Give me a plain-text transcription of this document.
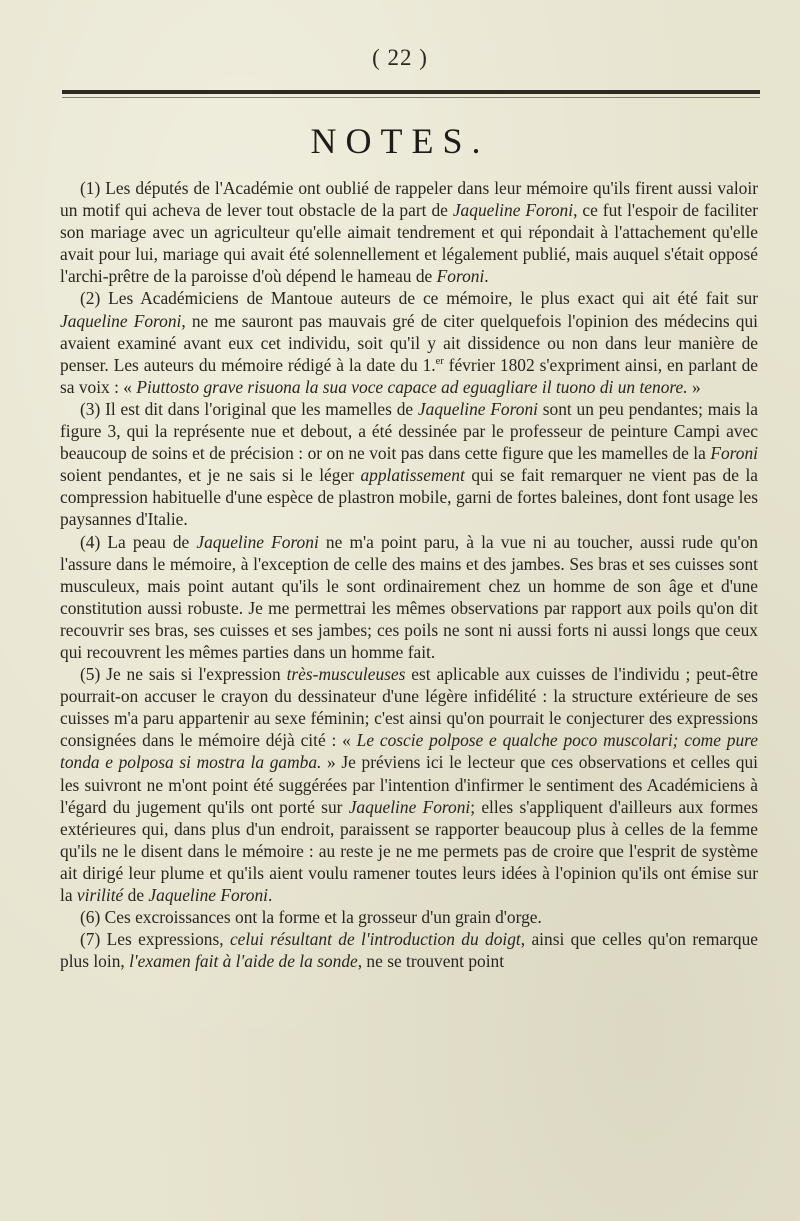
( 22 )
NOTES.

(1) Les députés de l'Académie ont oublié de rappeler dans leur mémoire qu'ils firent aussi valoir un motif qui acheva de lever tout obstacle de la part de Jaqueline Foroni, ce fut l'espoir de faciliter son mariage avec un agriculteur qu'elle aimait tendrement et qui répondait à l'attachement qu'elle avait pour lui, mariage qui avait été solennellement et légalement publié, mais auquel s'était opposé l'archi-prêtre de la paroisse d'où dépend le hameau de Foroni.

(2) Les Académiciens de Mantoue auteurs de ce mémoire, le plus exact qui ait été fait sur Jaqueline Foroni, ne me sauront pas mauvais gré de citer quelquefois l'opinion des médecins qui avaient examiné avant eux cet individu, soit qu'il y ait dissidence ou non dans leur manière de penser. Les auteurs du mémoire rédigé à la date du 1.$^{er}$ février 1802 s'expriment ainsi, en parlant de sa voix : « Piuttosto grave risuona la sua voce capace ad eguagliare il tuono di un tenore. »

(3) Il est dit dans l'original que les mamelles de Jaqueline Foroni sont un peu pendantes; mais la figure 3, qui la représente nue et debout, a été dessinée par le professeur de peinture Campi avec beaucoup de soins et de précision : or on ne voit pas dans cette figure que les mamelles de la Foroni soient pendantes, et je ne sais si le léger applatissement qui se fait remarquer ne vient pas de la compression habituelle d'une espèce de plastron mobile, garni de fortes baleines, dont font usage les paysannes d'Italie.

(4) La peau de Jaqueline Foroni ne m'a point paru, à la vue ni au toucher, aussi rude qu'on l'assure dans le mémoire, à l'exception de celle des mains et des jambes. Ses bras et ses cuisses sont musculeux, mais point autant qu'ils le sont ordinairement chez un homme de son âge et d'une constitution aussi robuste. Je me permettrai les mêmes observations par rapport aux poils qu'on dit recouvrir ses bras, ses cuisses et ses jambes; ces poils ne sont ni aussi forts ni aussi longs que ceux qui recouvrent les mêmes parties dans un homme fait.

(5) Je ne sais si l'expression très-musculeuses est aplicable aux cuisses de l'individu ; peut-être pourrait-on accuser le crayon du dessinateur d'une légère infidélité : la structure extérieure de ses cuisses m'a paru appartenir au sexe féminin; c'est ainsi qu'on pourrait le conjecturer des expressions consignées dans le mémoire déjà cité : « Le coscie polpose e qualche poco muscolari; come pure tonda e polposa si mostra la gamba. » Je préviens ici le lecteur que ces observations et celles qui les suivront ne m'ont point été suggérées par l'intention d'infirmer le sentiment des Académiciens à l'égard du jugement qu'ils ont porté sur Jaqueline Foroni; elles s'appliquent d'ailleurs aux formes extérieures qui, dans plus d'un endroit, paraissent se rapporter beaucoup plus à celles de la femme qu'ils ne le disent dans le mémoire : au reste je ne me permets pas de croire que l'esprit de système ait dirigé leur plume et qu'ils aient voulu ramener toutes leurs idées à l'opinion qu'ils ont émise sur la virilité de Jaqueline Foroni.

(6) Ces excroissances ont la forme et la grosseur d'un grain d'orge.

(7) Les expressions, celui résultant de l'introduction du doigt, ainsi que celles qu'on remarque plus loin, l'examen fait à l'aide de la sonde, ne se trouvent point
